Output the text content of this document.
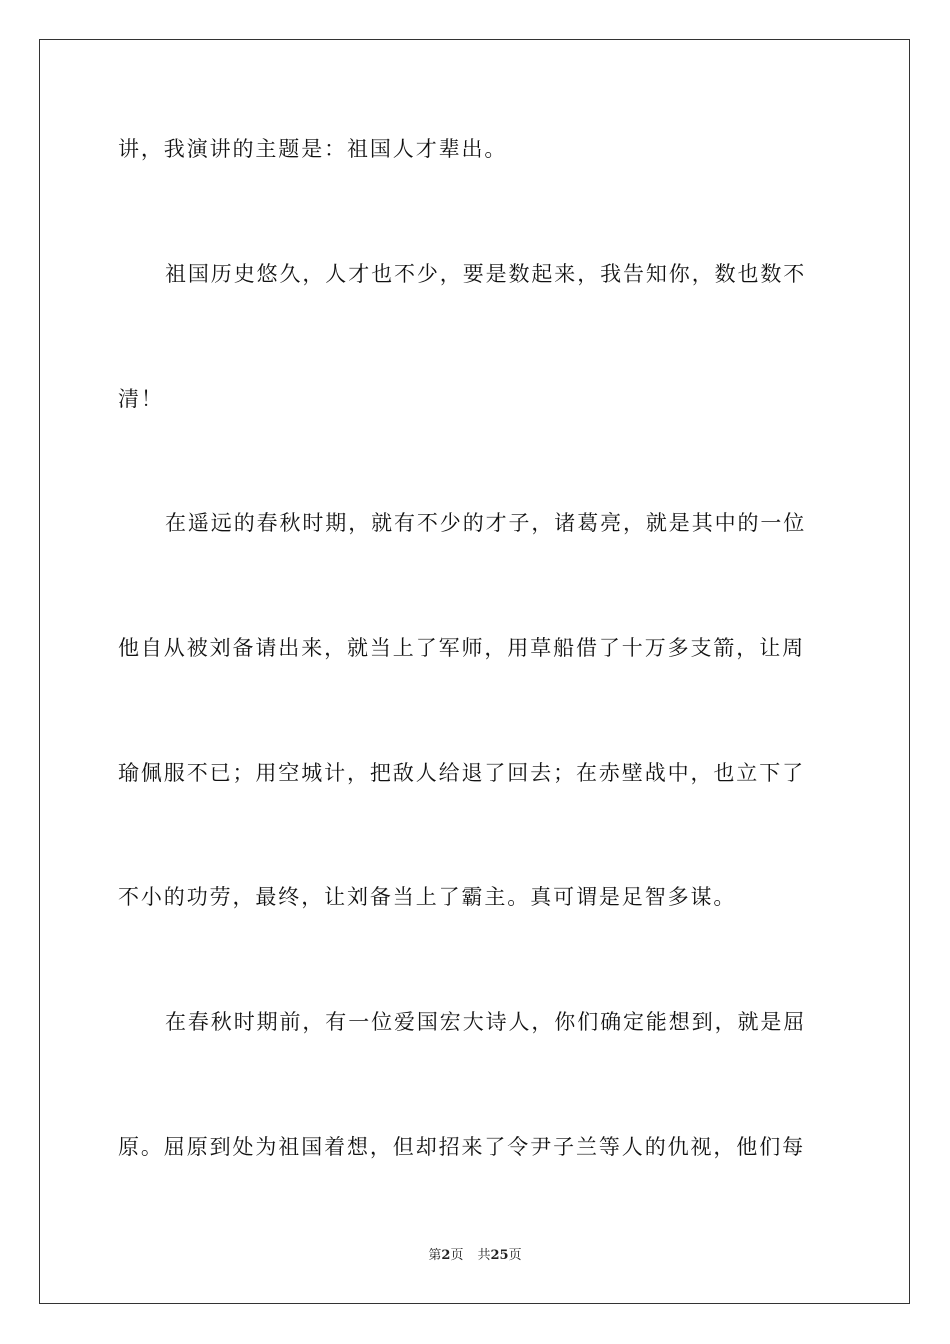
讲，我演讲的主题是：祖国人才辈出。

祖国历史悠久，人才也不少，要是数起来，我告知你，数也数不

清！

在遥远的春秋时期，就有不少的才子，诸葛亮，就是其中的一位

他自从被刘备请出来，就当上了军师，用草船借了十万多支箭，让周

瑜佩服不已；用空城计，把敌人给退了回去；在赤壁战中，也立下了

不小的功劳，最终，让刘备当上了霸主。真可谓是足智多谋。

在春秋时期前，有一位爱国宏大诗人，你们确定能想到，就是屈

原。屈原到处为祖国着想，但却招来了令尹子兰等人的仇视，他们每

第2页 共25页
